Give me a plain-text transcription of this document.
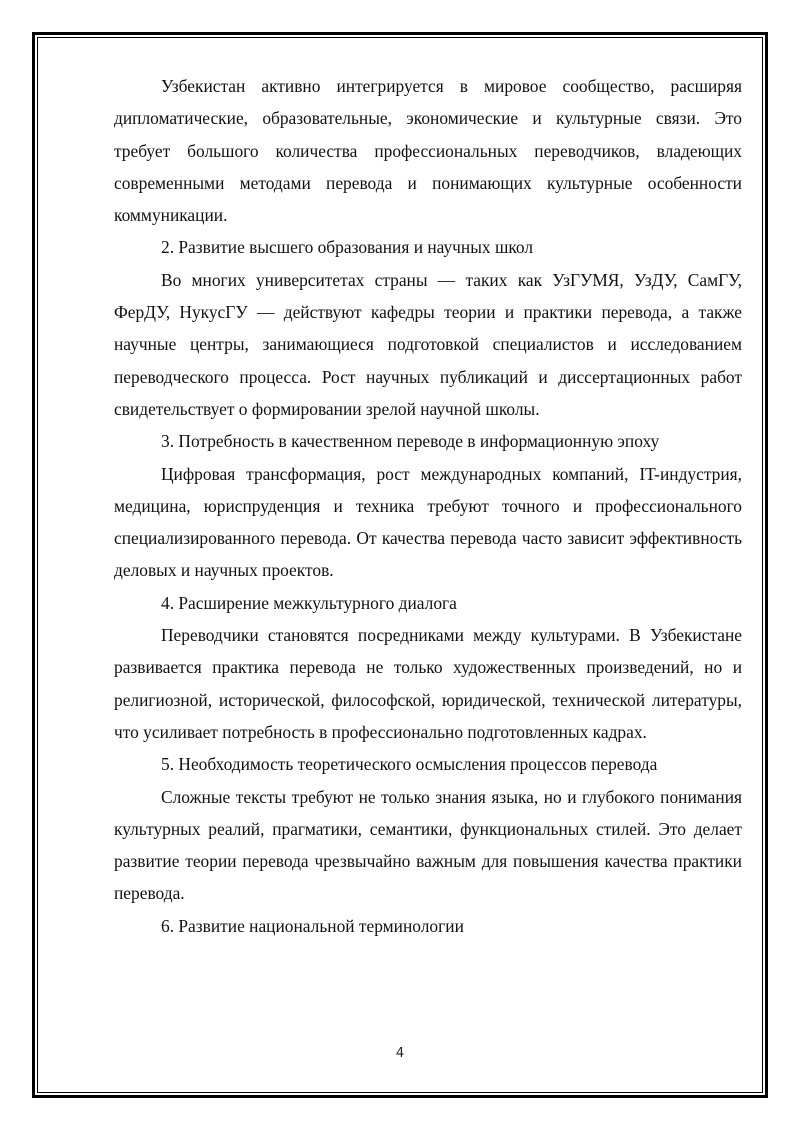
Узбекистан активно интегрируется в мировое сообщество, расширяя дипломатические, образовательные, экономические и культурные связи. Это требует большого количества профессиональных переводчиков, владеющих современными методами перевода и понимающих культурные особенности коммуникации.

2. Развитие высшего образования и научных школ

Во многих университетах страны — таких как УзГУМЯ, УзДУ, СамГУ, ФерДУ, НукусГУ — действуют кафедры теории и практики перевода, а также научные центры, занимающиеся подготовкой специалистов и исследованием переводческого процесса. Рост научных публикаций и диссертационных работ свидетельствует о формировании зрелой научной школы.

3. Потребность в качественном переводе в информационную эпоху

Цифровая трансформация, рост международных компаний, IT-индустрия, медицина, юриспруденция и техника требуют точного и профессионального специализированного перевода. От качества перевода часто зависит эффективность деловых и научных проектов.

4. Расширение межкультурного диалога

Переводчики становятся посредниками между культурами. В Узбекистане развивается практика перевода не только художественных произведений, но и религиозной, исторической, философской, юридической, технической литературы, что усиливает потребность в профессионально подготовленных кадрах.

5. Необходимость теоретического осмысления процессов перевода

Сложные тексты требуют не только знания языка, но и глубокого понимания культурных реалий, прагматики, семантики, функциональных стилей. Это делает развитие теории перевода чрезвычайно важным для повышения качества практики перевода.

6. Развитие национальной терминологии

4
